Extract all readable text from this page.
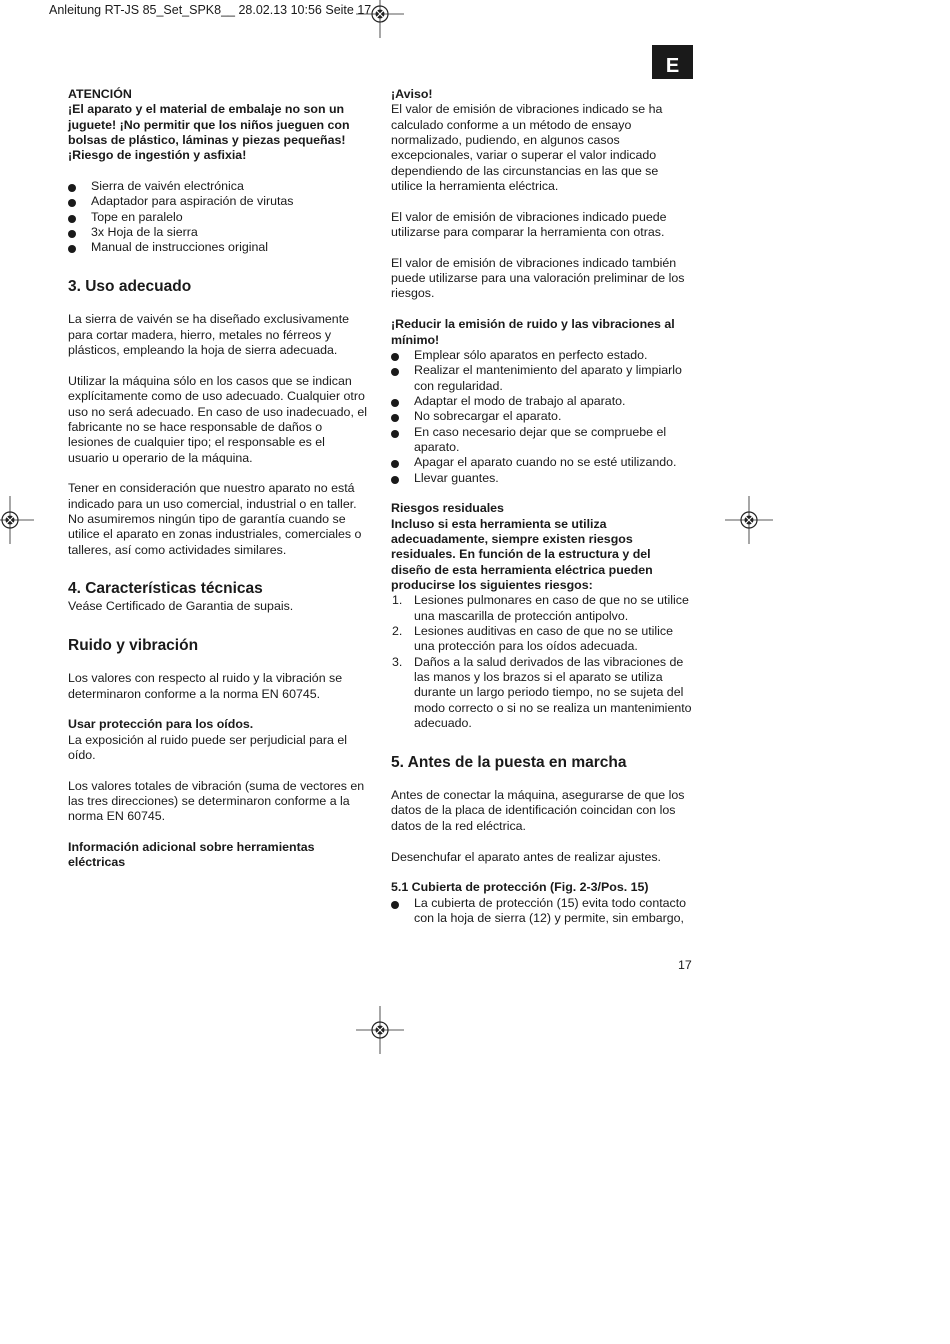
Anleitung RT-JS 85_Set_SPK8__ 28.02.13 10:56 Seite 17
E

ATENCIÓN

¡El aparato y el material de embalaje no son un juguete! ¡No permitir que los niños jueguen con bolsas de plástico, láminas y piezas pequeñas! ¡Riesgo de ingestión y asfixia!

Sierra de vaivén electrónica
Adaptador para aspiración de virutas
Tope en paralelo
3x Hoja de la sierra
Manual de instrucciones original
3. Uso adecuado

La sierra de vaivén se ha diseñado exclusivamente para cortar madera, hierro, metales no férreos y plásticos, empleando la hoja de sierra adecuada.

Utilizar la máquina sólo en los casos que se indican explícitamente como de uso adecuado. Cualquier otro uso no será adecuado. En caso de uso inadecuado, el fabricante no se hace responsable de daños o lesiones de cualquier tipo; el responsable es el usuario u operario de la máquina.

Tener en consideración que nuestro aparato no está indicado para un uso comercial, industrial o en taller. No asumiremos ningún tipo de garantía cuando se utilice el aparato en zonas industriales, comerciales o talleres, así como actividades similares.

4. Características técnicas

Veáse Certificado de Garantia de supais.

Ruido y vibración

Los valores con respecto al ruido y la vibración se determinaron conforme a la norma EN 60745.

Usar protección para los oídos.

La exposición al ruido puede ser perjudicial para el oído.

Los valores totales de vibración (suma de vectores en las tres direcciones) se determinaron conforme a la norma EN 60745.

Información adicional sobre herramientas eléctricas

¡Aviso!

El valor de emisión de vibraciones indicado se ha calculado conforme a un método de ensayo normalizado, pudiendo, en algunos casos excepcionales, variar o superar el valor indicado dependiendo de las circunstancias en las que se utilice la herramienta eléctrica.

El valor de emisión de vibraciones indicado puede utilizarse para comparar la herramienta con otras.

El valor de emisión de vibraciones indicado también puede utilizarse para una valoración preliminar de los riesgos.

¡Reducir la emisión de ruido y las vibraciones al mínimo!

Emplear sólo aparatos en perfecto estado.
Realizar el mantenimiento del aparato y limpiarlo con regularidad.
Adaptar el modo de trabajo al aparato.
No sobrecargar el aparato.
En caso necesario dejar que se compruebe el aparato.
Apagar el aparato cuando no se esté utilizando.
Llevar guantes.

Riesgos residuales

Incluso si esta herramienta se utiliza adecuadamente, siempre existen riesgos residuales. En función de la estructura y del diseño de esta herramienta eléctrica pueden producirse los siguientes riesgos:

1. Lesiones pulmonares en caso de que no se utilice una mascarilla de protección antipolvo.
2. Lesiones auditivas en caso de que no se utilice una protección para los oídos adecuada.
3. Daños a la salud derivados de las vibraciones de las manos y los brazos si el aparato se utiliza durante un largo periodo tiempo, no se sujeta del modo correcto o si no se realiza un mantenimiento adecuado.
5. Antes de la puesta en marcha

Antes de conectar la máquina, asegurarse de que los datos de la placa de identificación coincidan con los datos de la red eléctrica.

Desenchufar el aparato antes de realizar ajustes.

5.1 Cubierta de protección (Fig. 2-3/Pos. 15)

La cubierta de protección (15) evita todo contacto con la hoja de sierra (12) y permite, sin embargo,
17
